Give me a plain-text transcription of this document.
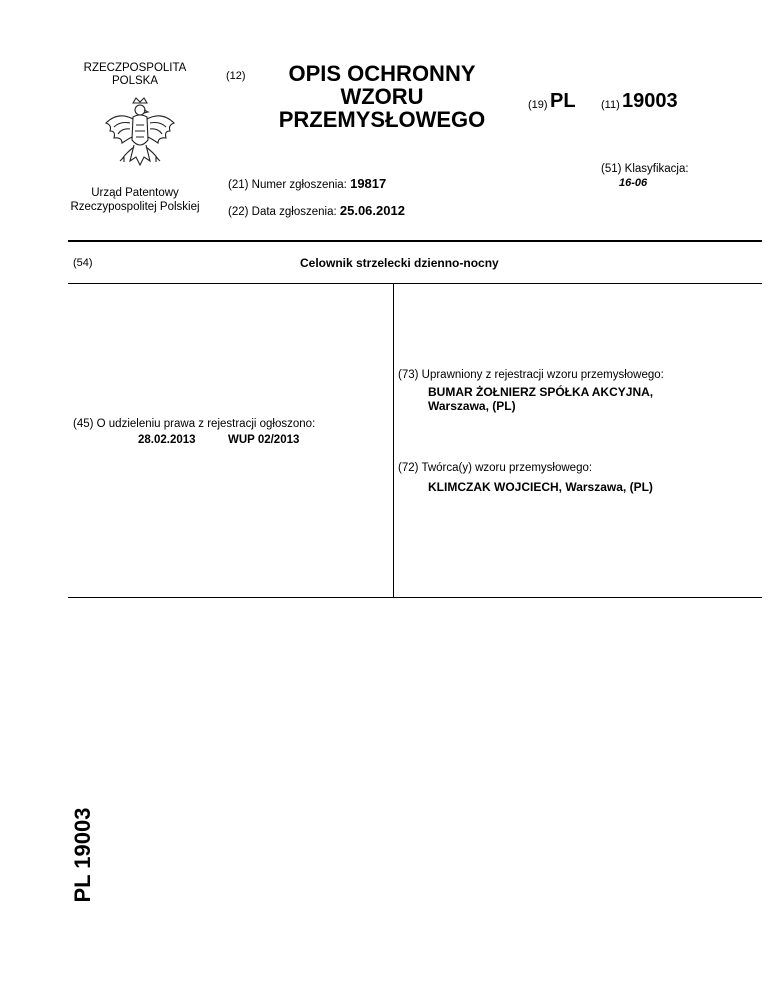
RZECZPOSPOLITA
POLSKA
Urząd Patentowy
Rzeczypospolitej Polskiej
(12)	OPIS OCHRONNY
WZORU
PRZEMYSŁOWEGO
(19) PL (11) 19003
(51) Klasyfikacja:
16-06
(21) Numer zgłoszenia: 19817
(22) Data zgłoszenia: 25.06.2012
(54)	Celownik strzelecki dzienno-nocny
(45) O udzieleniu prawa z rejestracji ogłoszono:
28.02.2013	WUP 02/2013
(73) Uprawniony z rejestracji wzoru przemysłowego:
BUMAR ŻOŁNIERZ SPÓŁKA AKCYJNA,
Warszawa, (PL)
(72) Twórca(y) wzoru przemysłowego:
KLIMCZAK WOJCIECH, Warszawa, (PL)
PL 19003
